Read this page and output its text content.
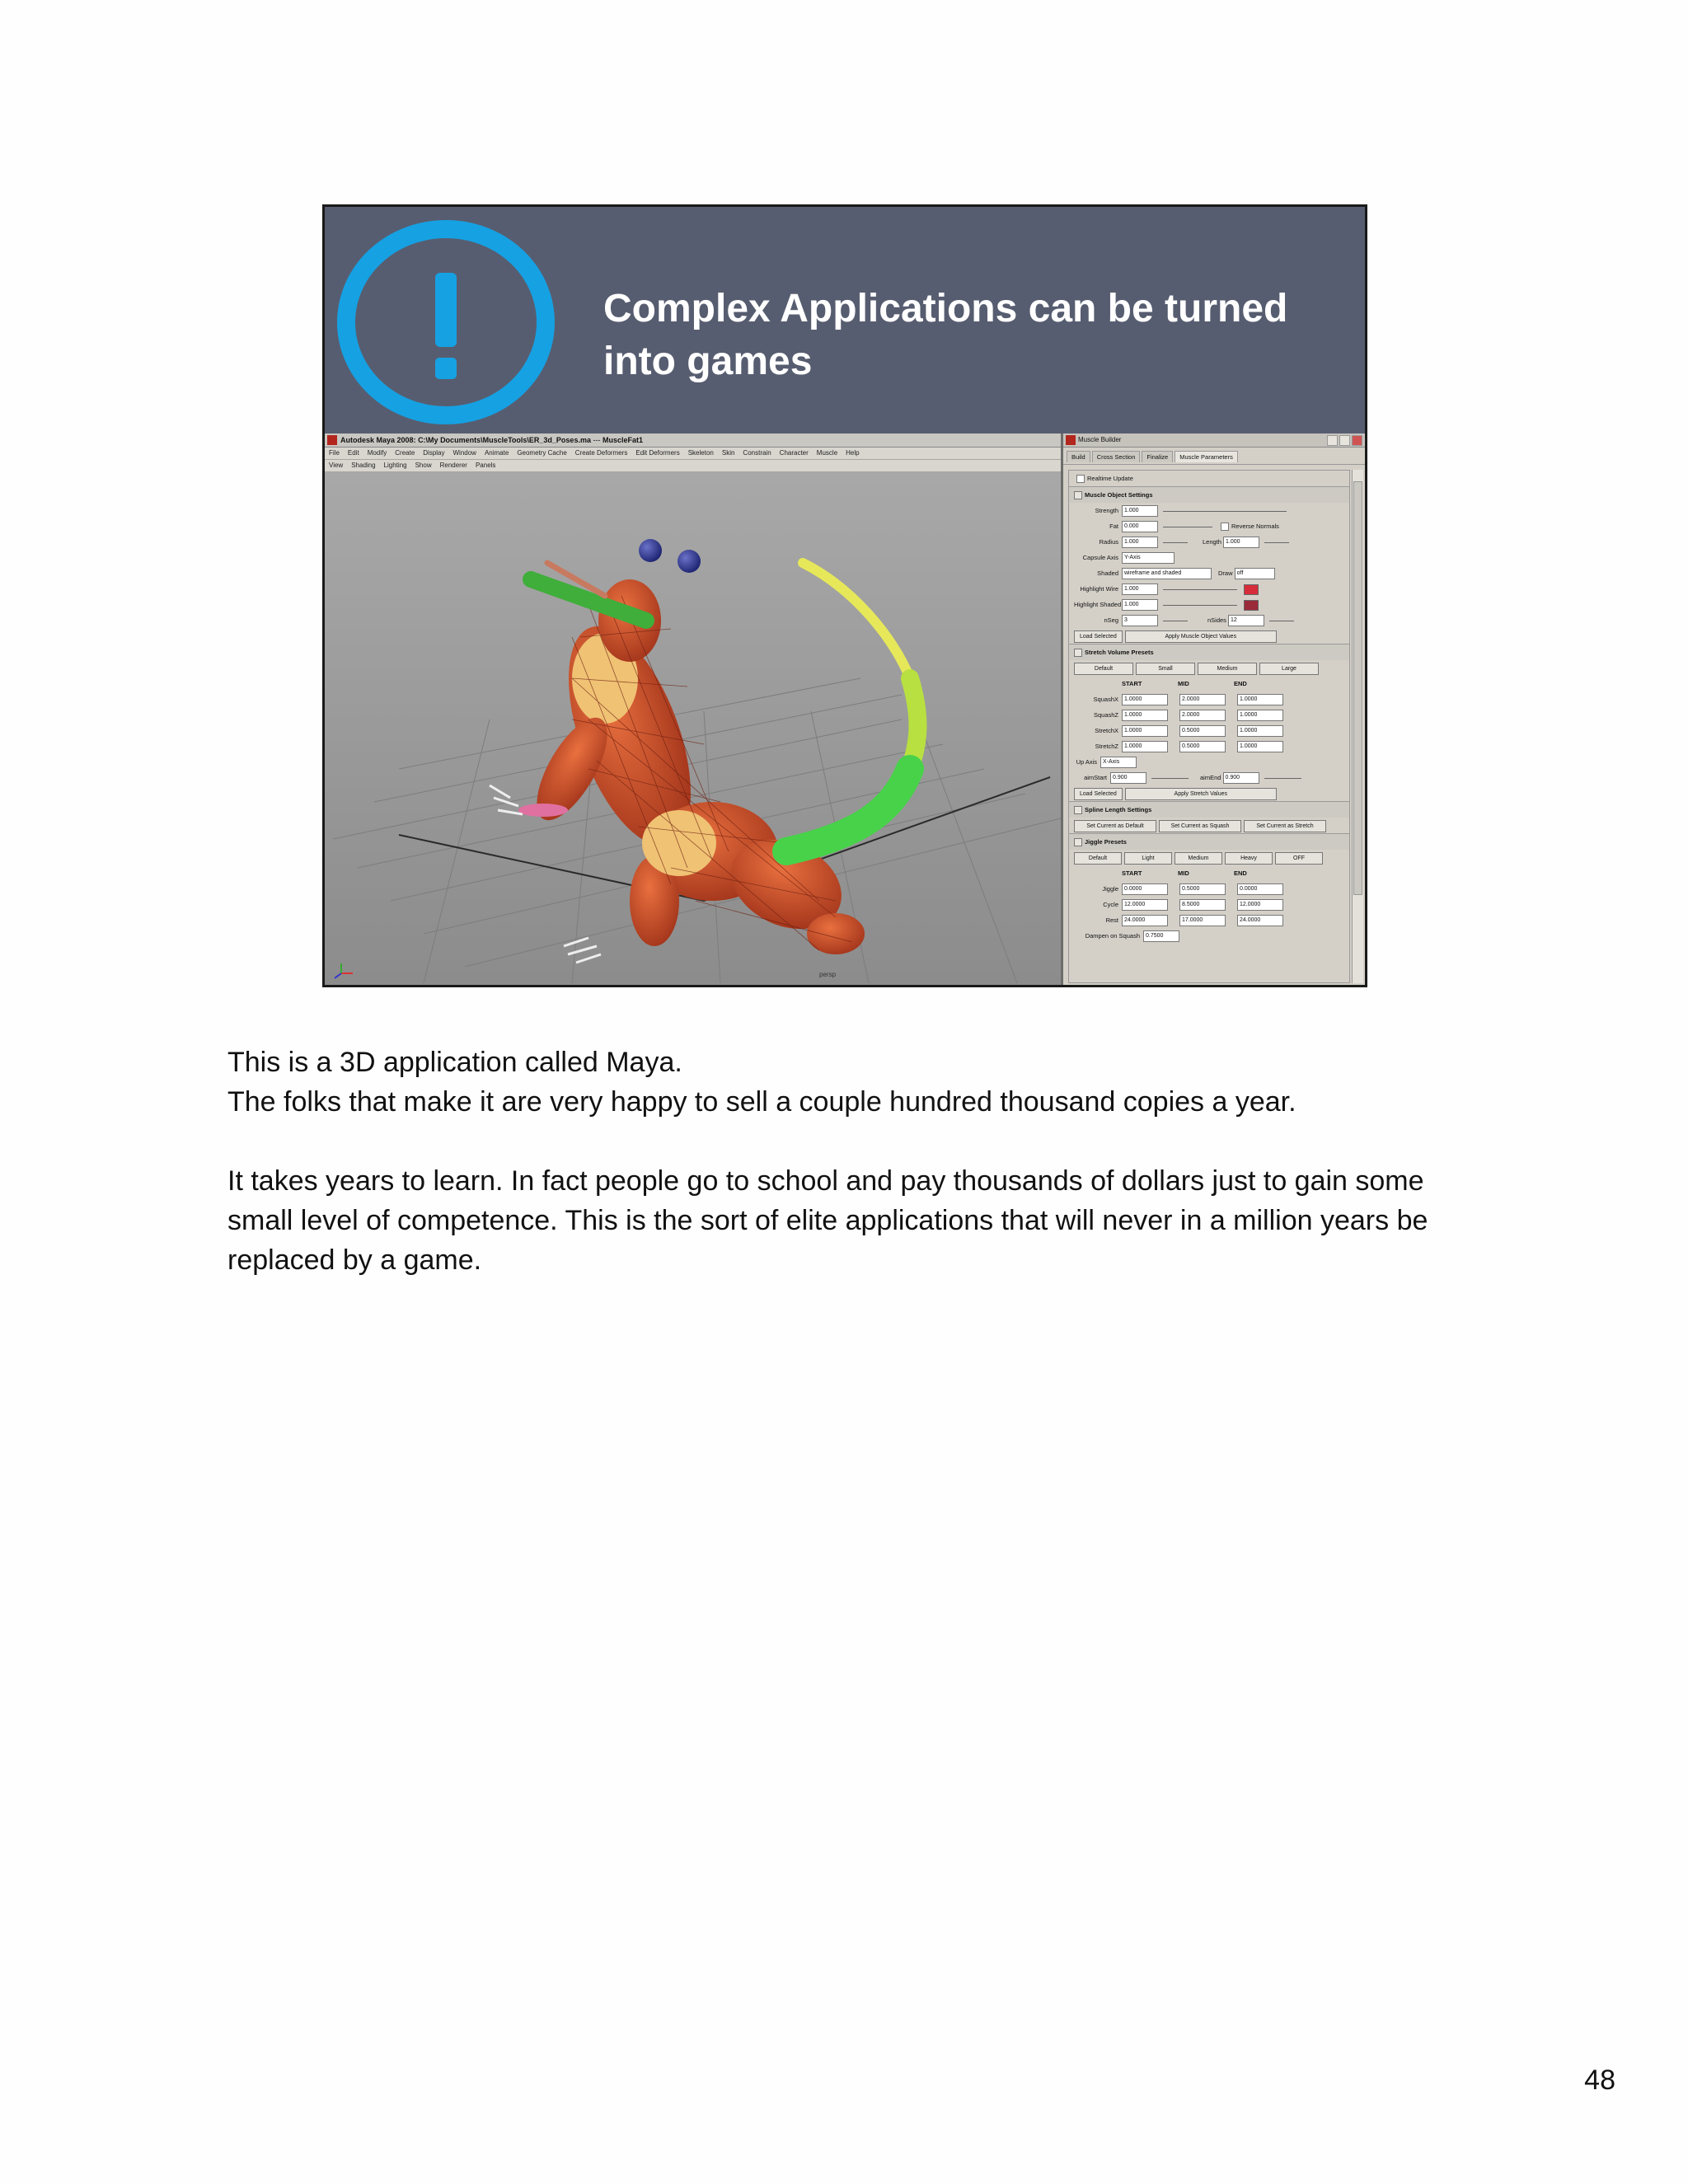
Complex Applications can be turned into games
Autodesk Maya 2008: C:\My Documents\MuscleTools\ER_3d_Poses.ma --- MuscleFat1
File Edit Modify Create Display Window Animate Geometry Cache Create Deformers Edit Deformers Skeleton Skin Constrain Character Muscle Help
View Shading Lighting Show Renderer Panels
persp
Muscle Builder
Build Cross Section Finalize Muscle Parameters
Realtime Update
Muscle Object Settings
Strength 1.000
Fat 0.000	Reverse Normals
Radius 1.000	Length 1.000
Capsule Axis Y-Axis
Shaded wireframe and shaded	Draw off
Highlight Wire 1.000
Highlight Shaded 1.000
nSeg 3	nSides 12
Load Selected	Apply Muscle Object Values
Stretch Volume Presets
Default	Small	Medium	Large
START	MID	END
SquashX 1.0000	2.0000	1.0000
SquashZ 1.0000	2.0000	1.0000
StretchX 1.0000	0.5000	1.0000
StretchZ 1.0000	0.5000	1.0000
Up Axis X-Axis
aimStart 0.900	aimEnd 0.900
Load Selected	Apply Stretch Values
Spline Length Settings
Set Current as Default	Set Current as Squash	Set Current as Stretch
Jiggle Presets
Default	Light	Medium	Heavy	OFF
START	MID	END
Jiggle 0.0000	0.5000	0.0000
Cycle 12.0000	8.5000	12.0000
Rest 24.0000	17.0000	24.0000
Dampen on Squash 0.7500

This is a 3D application called Maya.

The folks that make it are very happy to sell a couple hundred thousand copies a year.

It takes years to learn. In fact people go to school and pay thousands of dollars just to gain some small level of competence. This is the sort of elite applications that will never in a million years be replaced by a game.

48
